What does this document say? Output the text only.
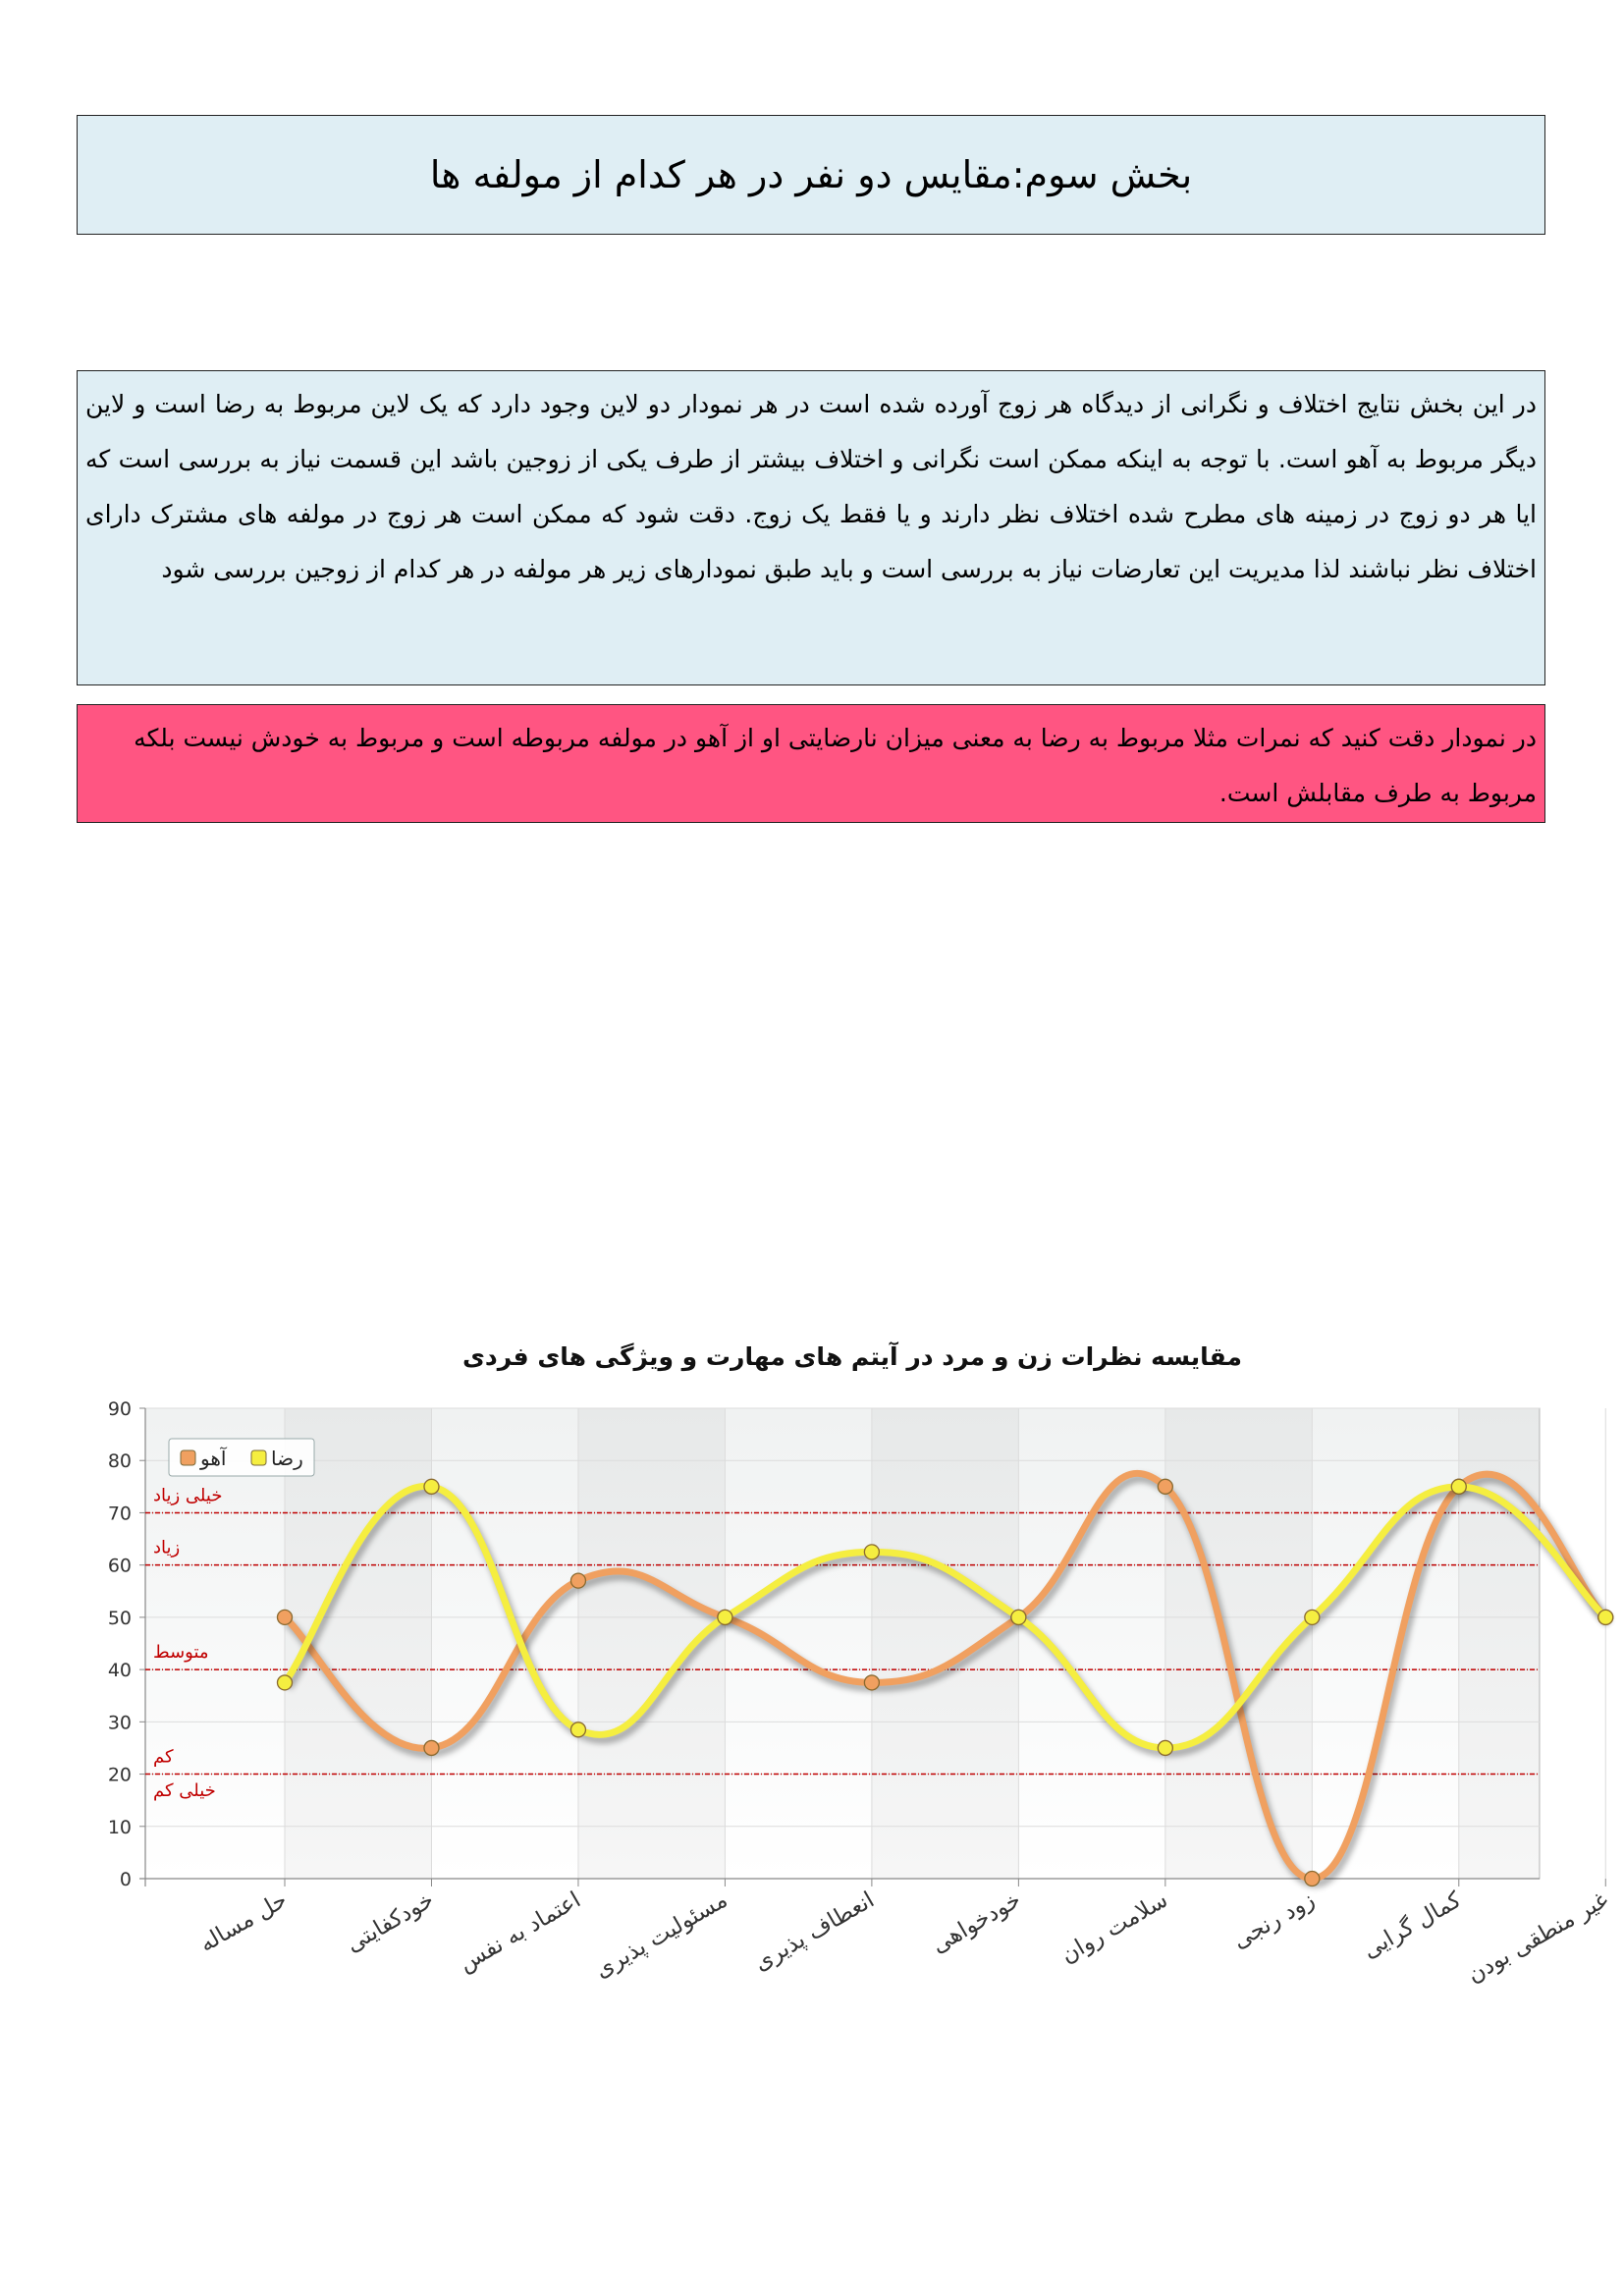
بخش سوم:مقایس دو نفر در هر کدام از مولفه ها
در این بخش نتایج اختلاف و نگرانی از دیدگاه هر زوج آورده شده است در هر نمودار دو لاین وجود دارد که یک لاین مربوط به رضا است و لاین دیگر مربوط به آهو است. با توجه به اینکه ممکن است نگرانی و اختلاف بیشتر از طرف یکی از زوجین باشد این قسمت نیاز به بررسی است که ایا هر دو زوج در زمینه های مطرح شده اختلاف نظر دارند و یا فقط یک زوج. دقت شود که ممکن است هر زوج در مولفه های مشترک دارای اختلاف نظر نباشند لذا مدیریت این تعارضات نیاز به بررسی است و باید طبق نمودارهای زیر هر مولفه در هر کدام از زوجین بررسی شود
در نمودار دقت کنید که نمرات مثلا مربوط به رضا به معنی میزان نارضایتی او از آهو در مولفه مربوطه است و مربوط به خودش نیست بلکه مربوط به طرف مقابلش است.
مقایسه نظرات زن و مرد در آیتم های مهارت و ویژگی های فردی
0
10
20
30
40
50
60
70
80
90
خیلی زیاد
زیاد
متوسط
کم
خیلی کم
حل مساله خودکفایتی اعتماد به نفس مسئولیت پذیری انعطاف پذیری خودخواهی سلامت روان زود رنجی کمال گرایی
غیر منطقی بودن
آهو رضا
